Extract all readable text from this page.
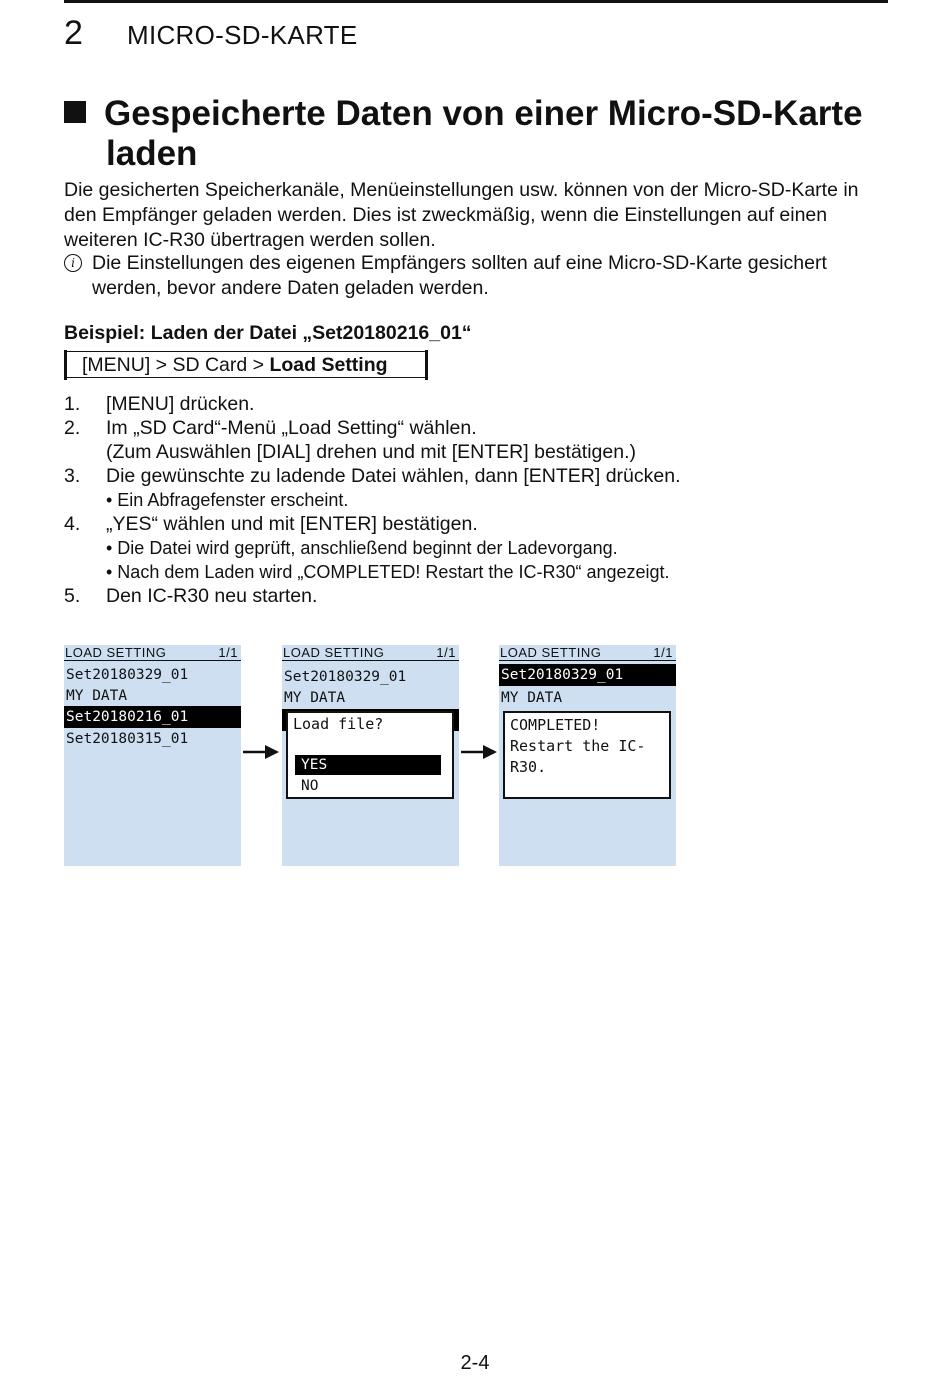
2 MICRO-SD-KARTE
Gespeicherte Daten von einer Micro-SD-Karte
laden
Die gesicherten Speicherkanäle, Menüeinstellungen usw. können von der Micro-SD-Karte in den Empfänger geladen werden. Dies ist zweckmäßig, wenn die Einstellungen auf einen weiteren IC-R30 übertragen werden sollen.
i Die Einstellungen des eigenen Empfängers sollten auf eine Micro-SD-Karte gesichert werden, bevor andere Daten geladen werden.
Beispiel: Laden der Datei „Set20180216_01“
[MENU] > SD Card > Load Setting
1. [MENU] drücken.
2. Im „SD Card“-Menü „Load Setting“ wählen.
(Zum Auswählen [DIAL] drehen und mit [ENTER] bestätigen.)
3. Die gewünschte zu ladende Datei wählen, dann [ENTER] drücken.
• Ein Abfragefenster erscheint.
4. „YES“ wählen und mit [ENTER] bestätigen.
• Die Datei wird geprüft, anschließend beginnt der Ladevorgang.
• Nach dem Laden wird „COMPLETED! Restart the IC-R30“ angezeigt.
5. Den IC-R30 neu starten.
LOAD SETTING	1/1
Set20180329_01
MY DATA
Set20180216_01
Set20180315_01
LOAD SETTING	1/1
Set20180329_01
MY DATA
Load file?
YES
NO
LOAD SETTING	1/1
Set20180329_01
MY DATA
COMPLETED!
Restart the IC-R30.
2-4
